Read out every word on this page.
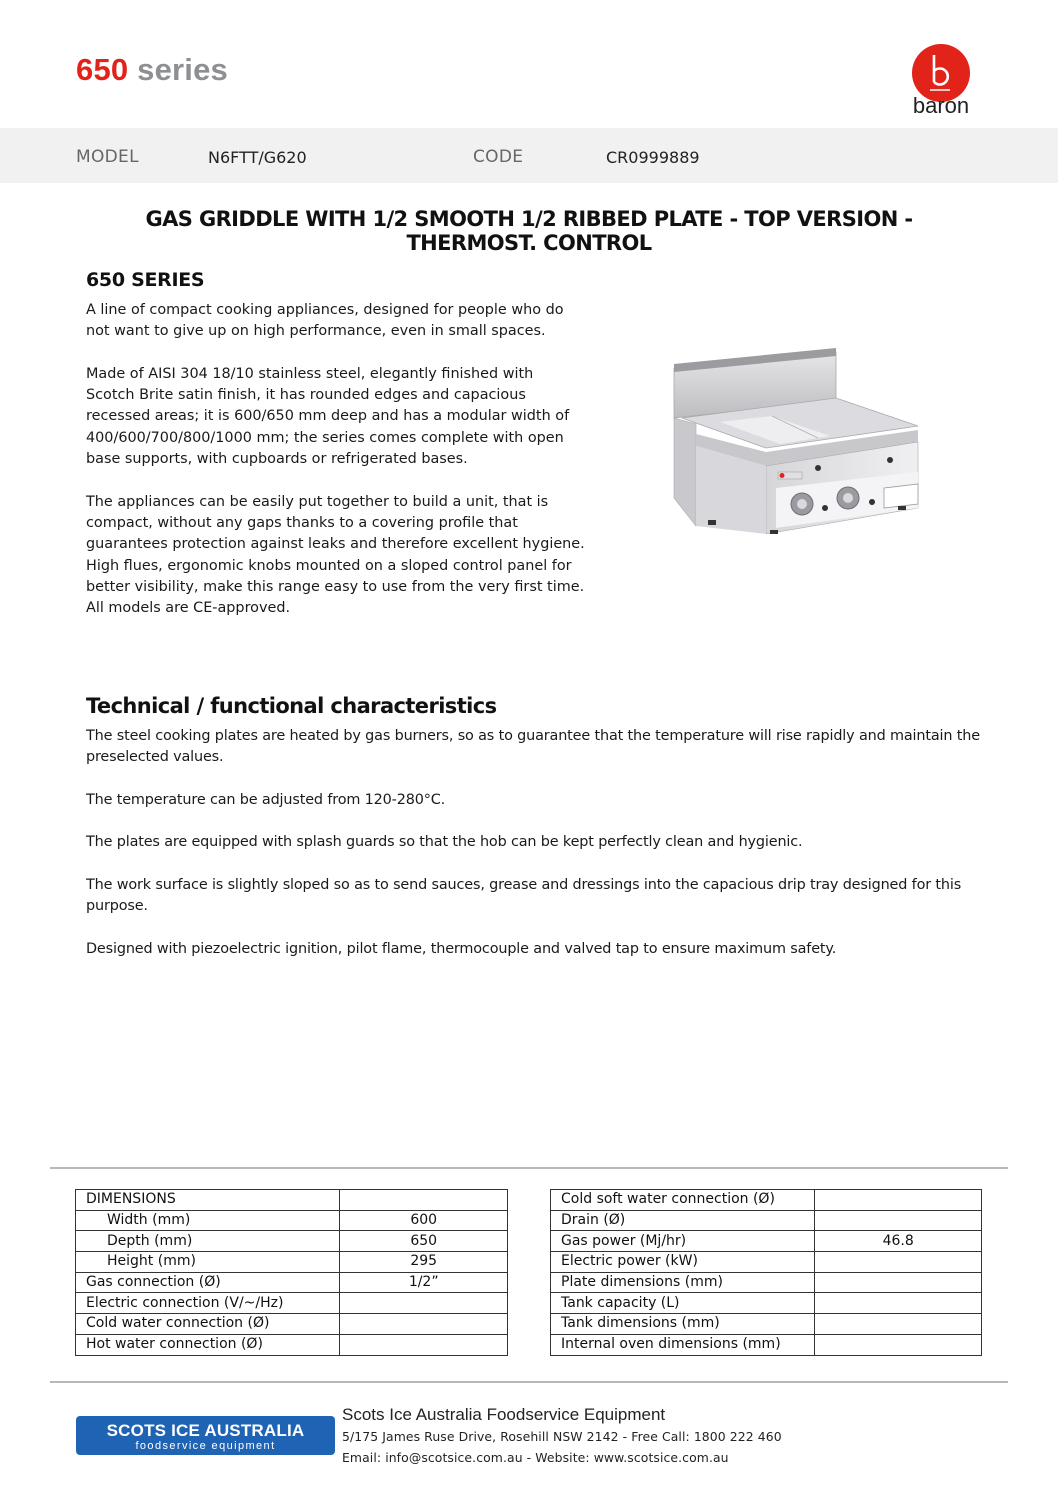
650 series
baron
MODEL	N6FTT/G620	CODE	CR0999889
GAS GRIDDLE WITH 1/2 SMOOTH 1/2 RIBBED PLATE - TOP VERSION -
THERMOST. CONTROL
650 SERIES

A line of compact cooking appliances, designed for people who do not want to give up on high performance, even in small spaces.

Made of AISI 304 18/10 stainless steel, elegantly finished with Scotch Brite satin finish, it has rounded edges and capacious recessed areas; it is 600/650 mm deep and has a modular width of 400/600/700/800/1000 mm; the series comes complete with open base supports, with cupboards or refrigerated bases.

The appliances can be easily put together to build a unit, that is compact, without any gaps thanks to a covering profile that guarantees protection against leaks and therefore excellent hygiene. High flues, ergonomic knobs mounted on a sloped control panel for better visibility, make this range easy to use from the very first time. All models are CE-approved.

Technical / functional characteristics

The steel cooking plates are heated by gas burners, so as to guarantee that the temperature will rise rapidly and maintain the preselected values.

The temperature can be adjusted from 120-280°C.

The plates are equipped with splash guards so that the hob can be kept perfectly clean and hygienic.

The work surface is slightly sloped so as to send sauces, grease and dressings into the capacious drip tray designed for this purpose.

Designed with piezoelectric ignition, pilot flame, thermocouple and valved tap to ensure maximum safety.

DIMENSIONS	
Width (mm)	600
Depth (mm)	650
Height (mm)	295
Gas connection (Ø)	1/2”
Electric connection (V/~/Hz)	
Cold water connection (Ø)	
Hot water connection (Ø)	
Cold soft water connection (Ø)	
Drain (Ø)	
Gas power (Mj/hr)	46.8
Electric power (kW)	
Plate dimensions (mm)	
Tank capacity (L)	
Tank dimensions (mm)	
Internal oven dimensions (mm)	
SCOTS ICE AUSTRALIA
foodservice equipment
Scots Ice Australia Foodservice Equipment
5/175 James Ruse Drive, Rosehill NSW 2142 - Free Call: 1800 222 460
Email: info@scotsice.com.au - Website: www.scotsice.com.au
